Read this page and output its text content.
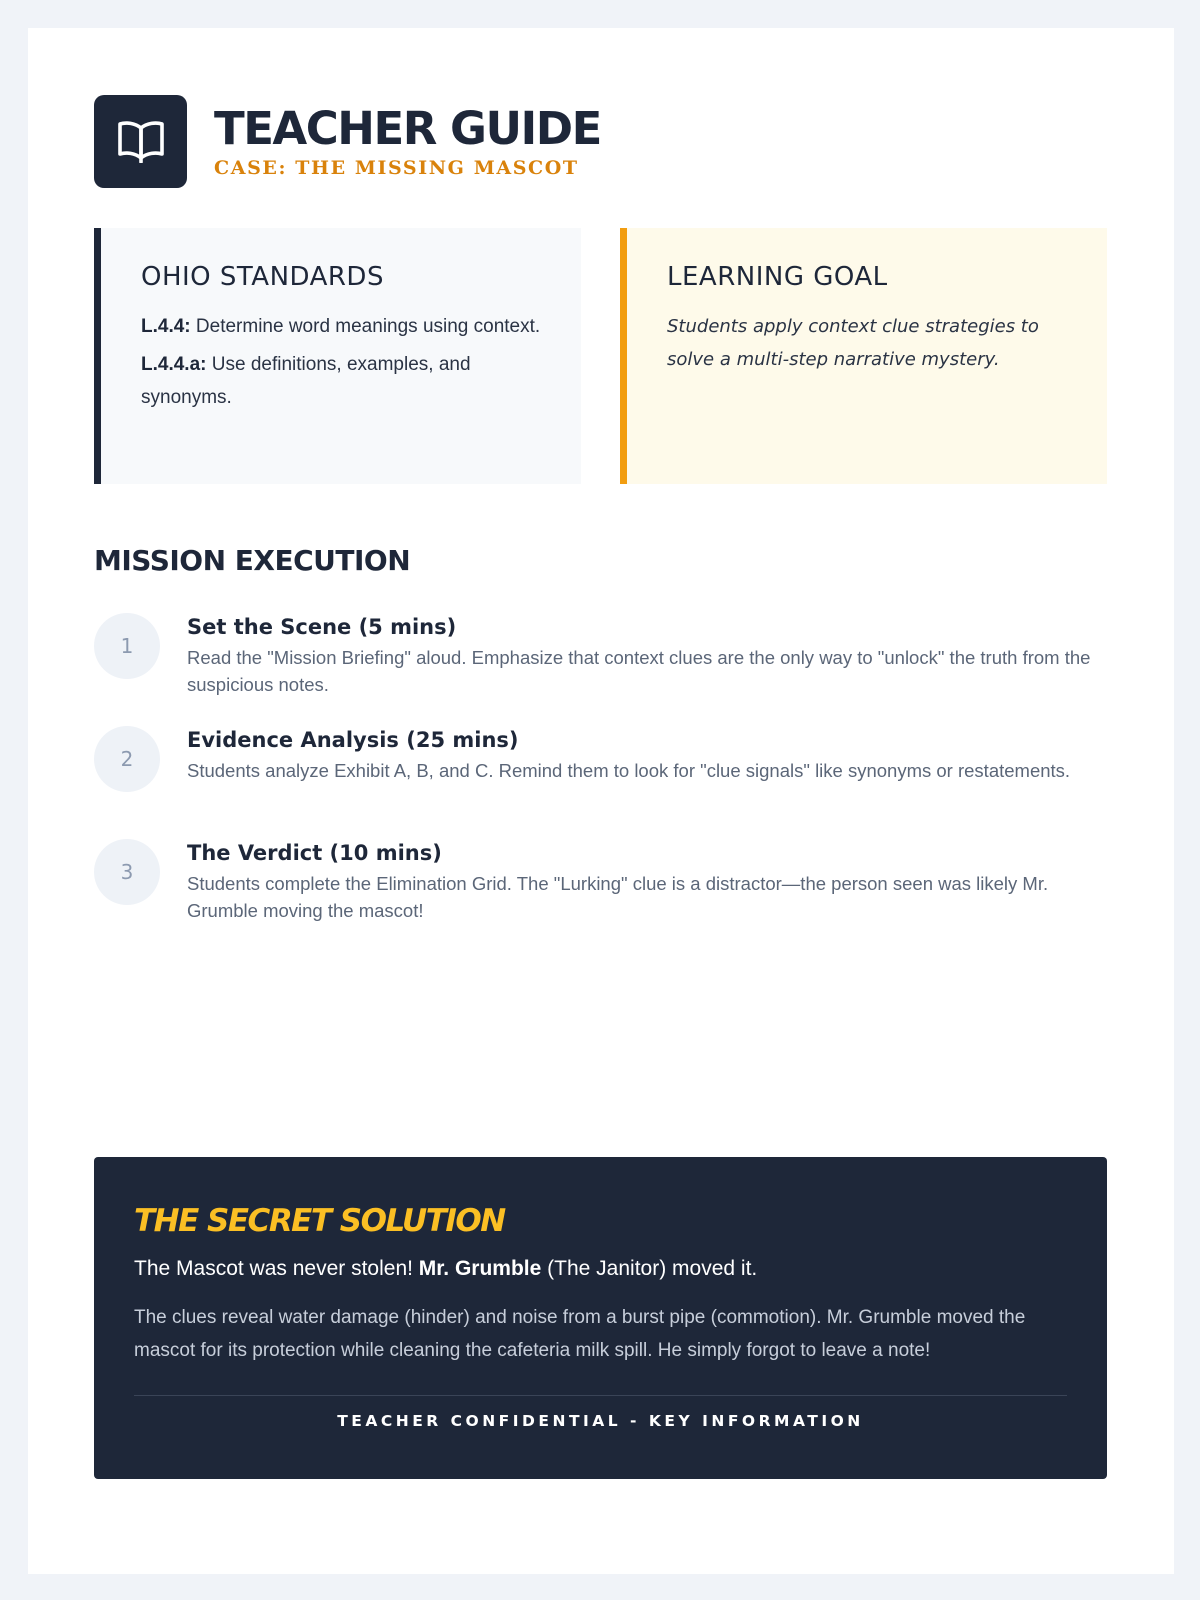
TEACHER GUIDE
CASE: THE MISSING MASCOT
OHIO STANDARDS
L.4.4: Determine word meanings using context.
L.4.4.a: Use definitions, examples, and synonyms.
LEARNING GOAL
Students apply context clue strategies to solve a multi-step narrative mystery.
MISSION EXECUTION
1
Set the Scene (5 mins)
Read the "Mission Briefing" aloud. Emphasize that context clues are the only way to "unlock" the truth from the suspicious notes.
2
Evidence Analysis (25 mins)
Students analyze Exhibit A, B, and C. Remind them to look for "clue signals" like synonyms or restatements.
3
The Verdict (10 mins)
Students complete the Elimination Grid. The "Lurking" clue is a distractor—the person seen was likely Mr. Grumble moving the mascot!
THE SECRET SOLUTION
The Mascot was never stolen! Mr. Grumble (The Janitor) moved it.
The clues reveal water damage (hinder) and noise from a burst pipe (commotion). Mr. Grumble moved the mascot for its protection while cleaning the cafeteria milk spill. He simply forgot to leave a note!
TEACHER CONFIDENTIAL - KEY INFORMATION
